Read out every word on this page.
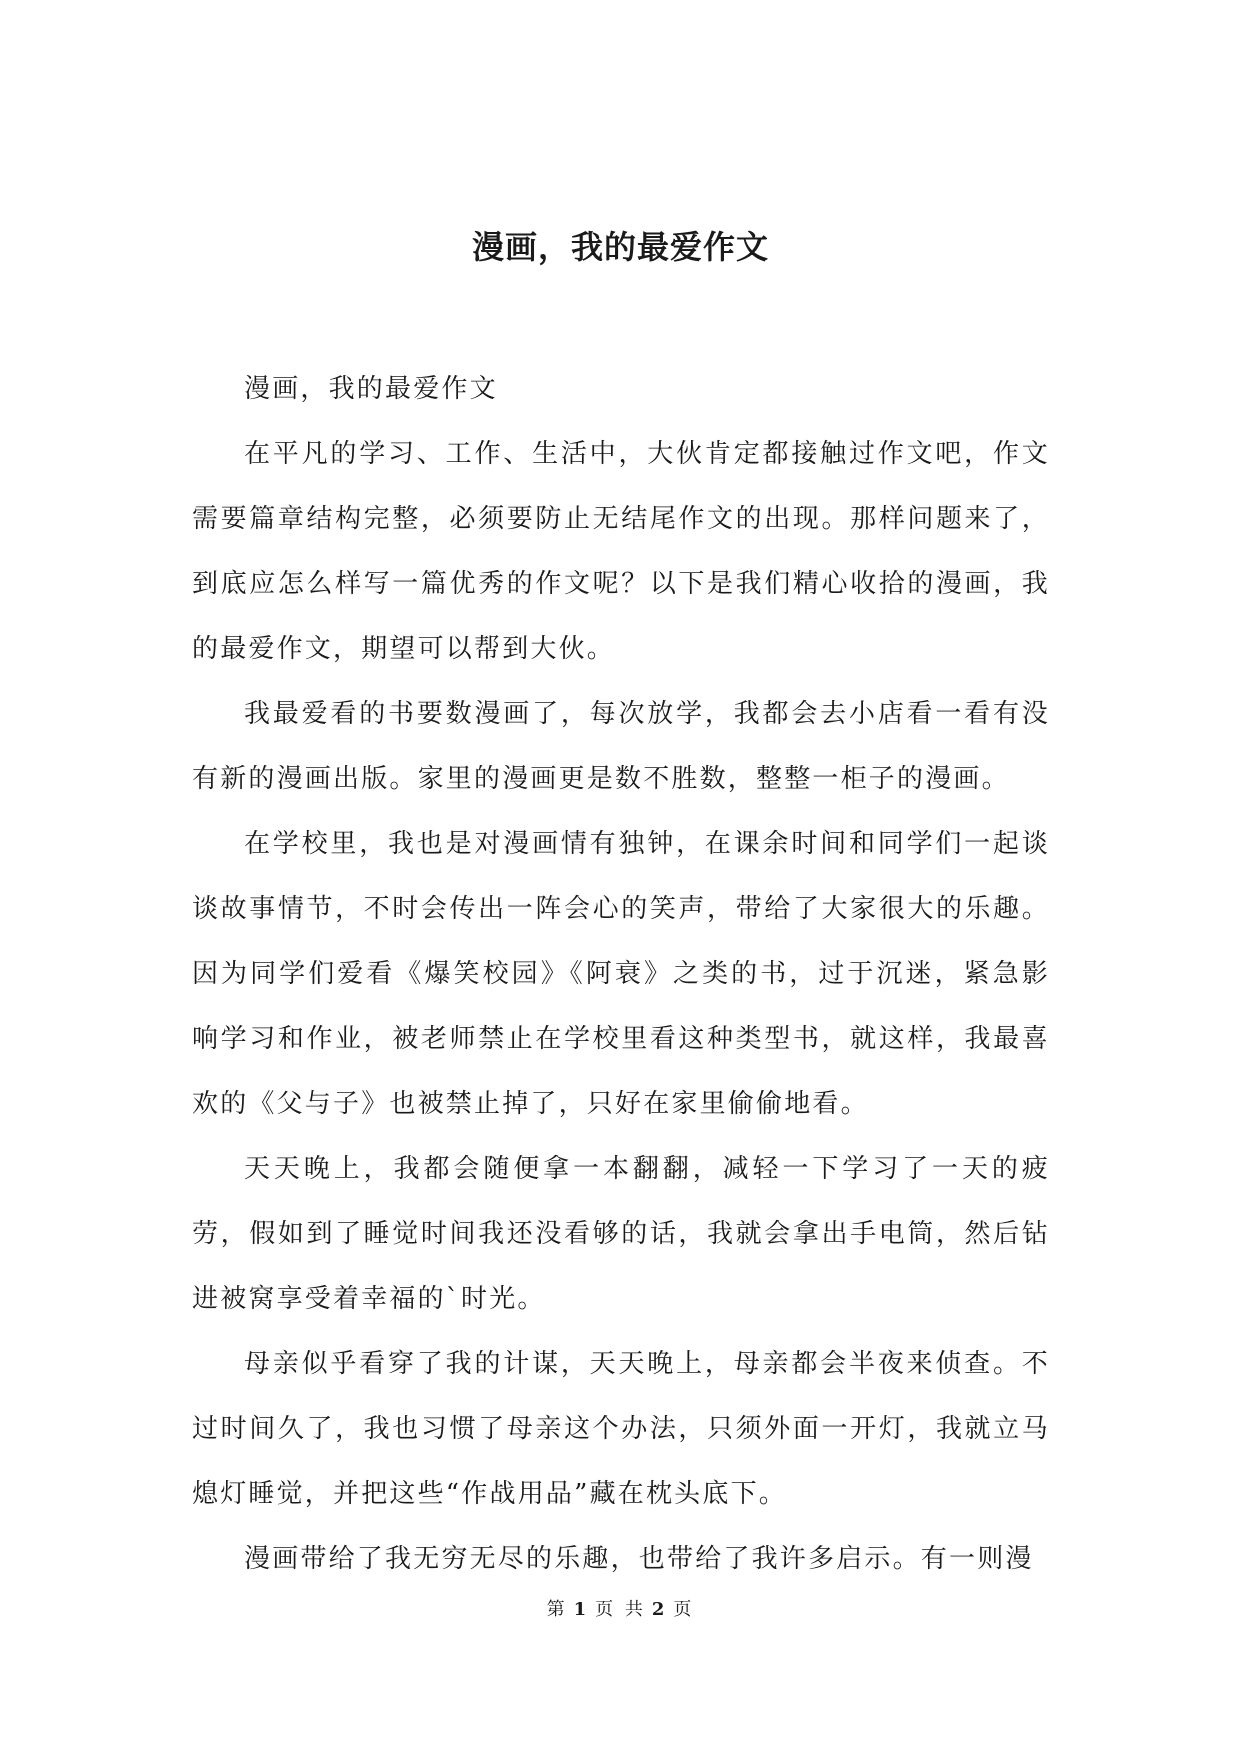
漫画，我的最爱作文

漫画，我的最爱作文

在平凡的学习、工作、生活中，大伙肯定都接触过作文吧，作文需要篇章结构完整，必须要防止无结尾作文的出现。那样问题来了，到底应怎么样写一篇优秀的作文呢？以下是我们精心收拾的漫画，我的最爱作文，期望可以帮到大伙。

我最爱看的书要数漫画了，每次放学，我都会去小店看一看有没有新的漫画出版。家里的漫画更是数不胜数，整整一柜子的漫画。

在学校里，我也是对漫画情有独钟，在课余时间和同学们一起谈谈故事情节，不时会传出一阵会心的笑声，带给了大家很大的乐趣。因为同学们爱看《爆笑校园》《阿衰》之类的书，过于沉迷，紧急影响学习和作业，被老师禁止在学校里看这种类型书，就这样，我最喜欢的《父与子》也被禁止掉了，只好在家里偷偷地看。

天天晚上，我都会随便拿一本翻翻，减轻一下学习了一天的疲劳，假如到了睡觉时间我还没看够的话，我就会拿出手电筒，然后钻进被窝享受着幸福的`时光。

母亲似乎看穿了我的计谋，天天晚上，母亲都会半夜来侦查。不过时间久了，我也习惯了母亲这个办法，只须外面一开灯，我就立马熄灯睡觉，并把这些“作战用品”藏在枕头底下。

漫画带给了我无穷无尽的乐趣，也带给了我许多启示。有一则漫

第 1 页 共 2 页
